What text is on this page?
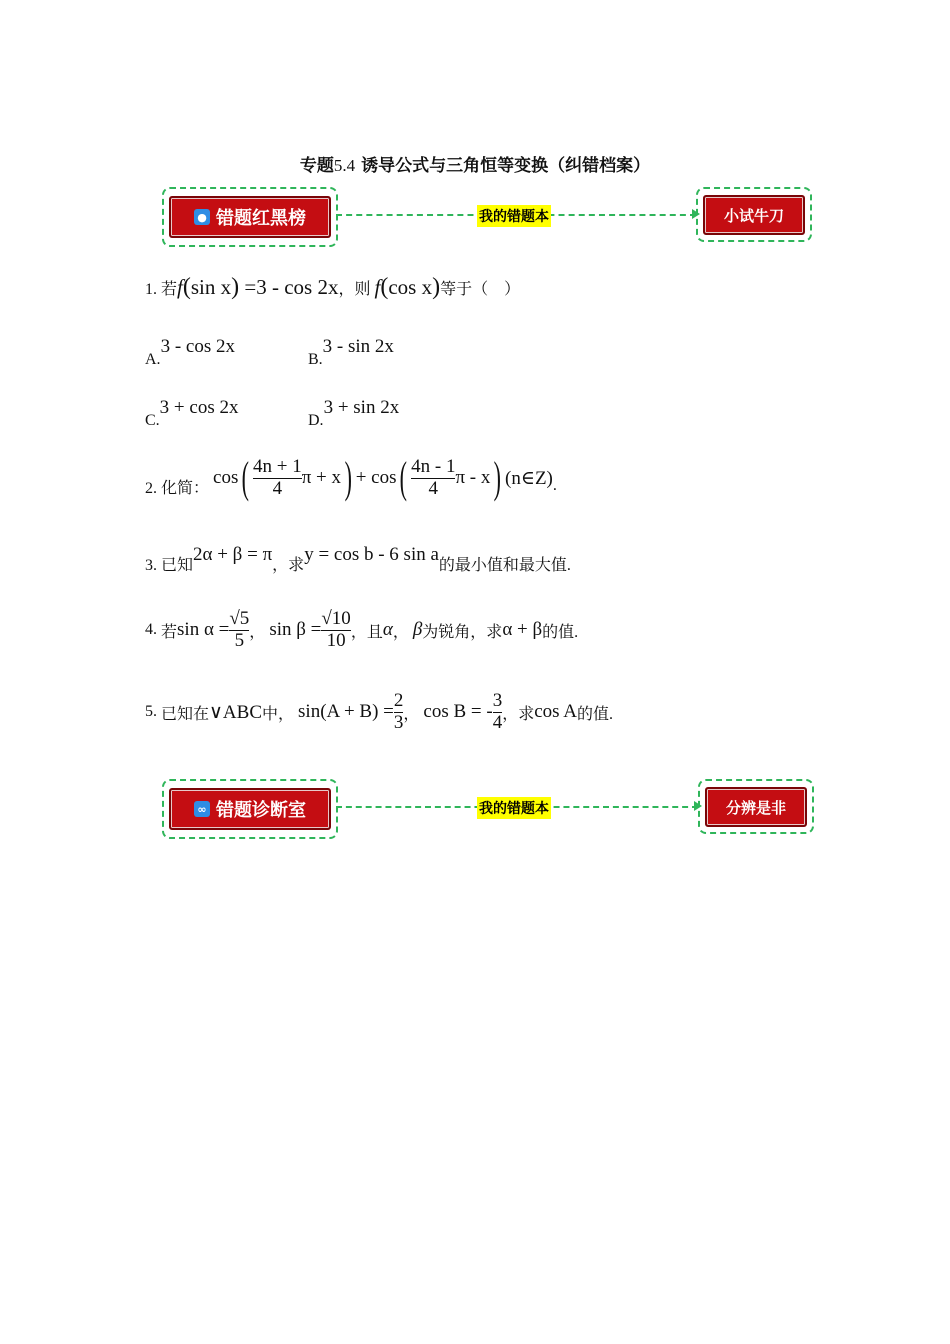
专题5.4 诱导公式与三角恒等变换（纠错档案）
● 错题红黑榜	我的错题本	小试牛刀
1. 若f(sin x) =3 - cos 2x，则 f(cos x)等于（　）
A.3 - cos 2x
B.3 - sin 2x
C.3 + cos 2x
D.3 + sin 2x
2. 化简： cos ( $\frac{4n + 1}{4}$ π + x ) + cos ( $\frac{4n - 1}{4}$ π - x ) (n∈Z) .
3. 已知2α + β = π，求y = cos b - 6 sin a的最小值和最大值.
4.
若 $\sin \alpha = \frac{√5}{5}$ ，
$\sin \beta = \frac{√10}{10}$ ，且 α ，
β 为锐角，求 α + β 的值.
5.
已知在 ∨ABC 中，
$\sin(A + B) = \frac{2}{3}$ ，
cos B = - $\frac{3}{4}$ ，求 cos A 的值.
∞ 错题诊断室	我的错题本	分辨是非
